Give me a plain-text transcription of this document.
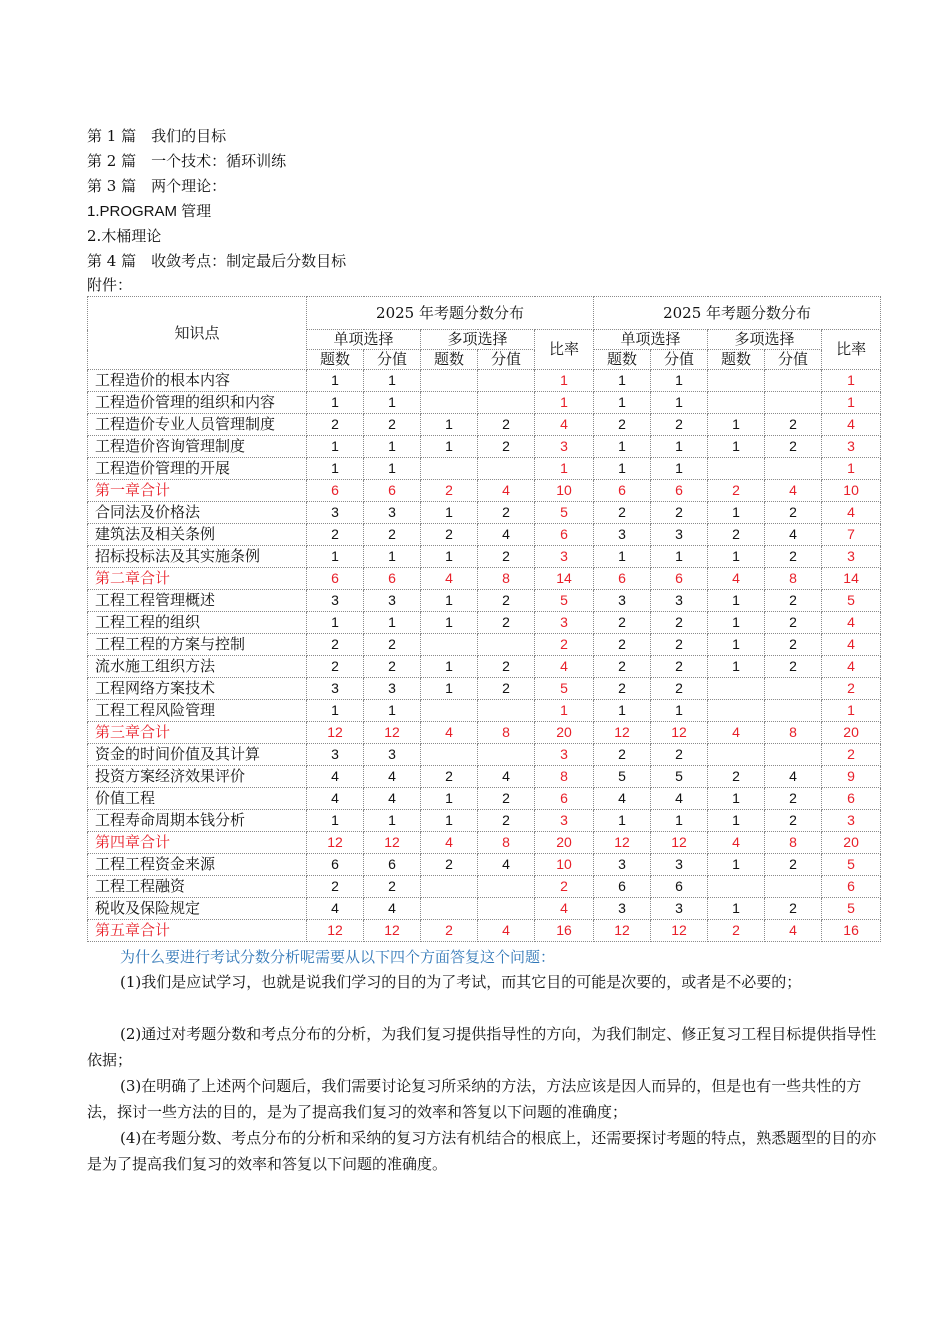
第 1 篇　我们的目标
第 2 篇　一个技术：循环训练
第 3 篇　两个理论：
1.PROGRAM 管理
2.木桶理论
第 4 篇　收敛考点：制定最后分数目标

附件：

知识点	2025 年考题分数分布					2025 年考题分数分布				
	单项选择		多项选择		比率	单项选择		多项选择		比率
	题数	分值	题数	分值		题数	分值	题数	分值	
工程造价的根本内容	1	1			1	1	1			1
工程造价管理的组织和内容	1	1			1	1	1			1
工程造价专业人员管理制度	2	2	1	2	4	2	2	1	2	4
工程造价咨询管理制度	1	1	1	2	3	1	1	1	2	3
工程造价管理的开展	1	1			1	1	1			1
第一章合计	6	6	2	4	10	6	6	2	4	10
合同法及价格法	3	3	1	2	5	2	2	1	2	4
建筑法及相关条例	2	2	2	4	6	3	3	2	4	7
招标投标法及其实施条例	1	1	1	2	3	1	1	1	2	3
第二章合计	6	6	4	8	14	6	6	4	8	14
工程工程管理概述	3	3	1	2	5	3	3	1	2	5
工程工程的组织	1	1	1	2	3	2	2	1	2	4
工程工程的方案与控制	2	2			2	2	2	1	2	4
流水施工组织方法	2	2	1	2	4	2	2	1	2	4
工程网络方案技术	3	3	1	2	5	2	2			2
工程工程风险管理	1	1			1	1	1			1
第三章合计	12	12	4	8	20	12	12	4	8	20
资金的时间价值及其计算	3	3			3	2	2			2
投资方案经济效果评价	4	4	2	4	8	5	5	2	4	9
价值工程	4	4	1	2	6	4	4	1	2	6
工程寿命周期本钱分析	1	1	1	2	3	1	1	1	2	3
第四章合计	12	12	4	8	20	12	12	4	8	20
工程工程资金来源	6	6	2	4	10	3	3	1	2	5
工程工程融资	2	2			2	6	6			6
税收及保险规定	4	4			4	3	3	1	2	5
第五章合计	12	12	2	4	16	12	12	2	4	16

为什么要进行考试分数分析呢需要从以下四个方面答复这个问题：

(1)我们是应试学习，也就是说我们学习的目的为了考试，而其它目的可能是次要的，或者是不必要的；

(2)通过对考题分数和考点分布的分析，为我们复习提供指导性的方向，为我们制定、修正复习工程目标提供指导性依据；

(3)在明确了上述两个问题后，我们需要讨论复习所采纳的方法，方法应该是因人而异的，但是也有一些共性的方法，探讨一些方法的目的，是为了提高我们复习的效率和答复以下问题的准确度；

(4)在考题分数、考点分布的分析和采纳的复习方法有机结合的根底上，还需要探讨考题的特点，熟悉题型的目的亦是为了提高我们复习的效率和答复以下问题的准确度。
